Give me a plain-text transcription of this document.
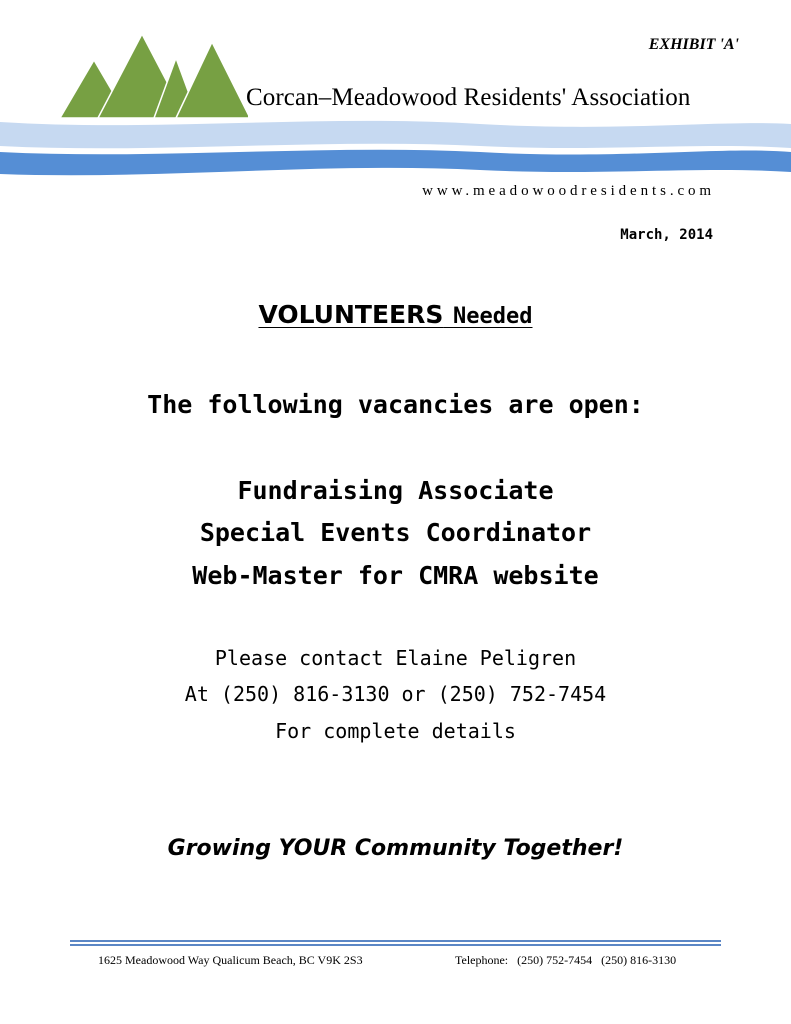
EXHIBIT 'A'
Corcan–Meadowood Residents' Association
www.meadowoodresidents.com
March, 2014
VOLUNTEERS Needed
The following vacancies are open:
Fundraising Associate
Special Events Coordinator
Web-Master for CMRA website
Please contact Elaine Peligren
At (250) 816-3130 or (250) 752-7454
For complete details
Growing YOUR Community Together!
1625 Meadowood Way Qualicum Beach, BC V9K 2S3	Telephone:   (250) 752-7454   (250) 816-3130
